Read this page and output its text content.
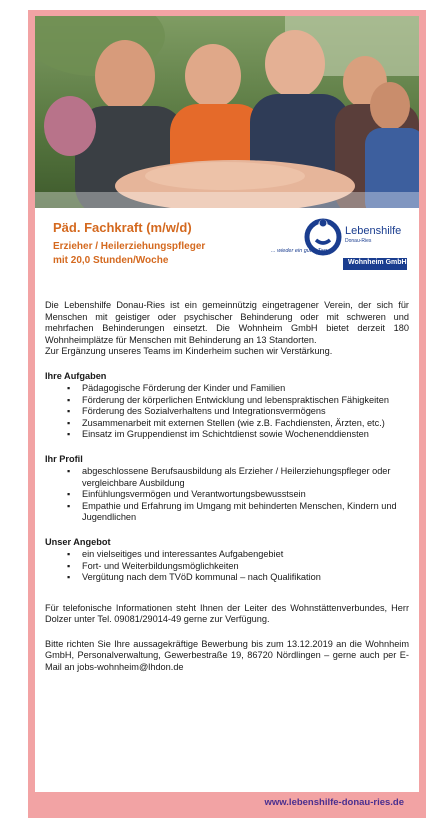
Päd. Fachkraft (m/w/d)
Erzieher / Heilerziehungspfleger
mit 20,0 Stunden/Woche
Lebenshilfe
Donau-Ries
... wieder ein guter Tag
Wohnheim GmbH

Die Lebenshilfe Donau-Ries ist ein gemeinnützig eingetragener Verein, der sich für Menschen mit geistiger oder psychischer Behinderung oder mit schweren und mehrfachen Behinderungen einsetzt. Die Wohnheim GmbH bietet derzeit 180 Wohnheimplätze für Menschen mit Behinderung an 13 Standorten.

Zur Ergänzung unseres Teams im Kinderheim suchen wir Verstärkung.

Ihre Aufgaben
▪ Pädagogische Förderung der Kinder und Familien
▪ Förderung der körperlichen Entwicklung und lebenspraktischen Fähigkeiten
▪ Förderung des Sozialverhaltens und Integrationsvermögens
▪ Zusammenarbeit mit externen Stellen (wie z.B. Fachdiensten, Ärzten, etc.)
▪ Einsatz im Gruppendienst im Schichtdienst sowie Wochenenddiensten
Ihr Profil
▪ abgeschlossene Berufsausbildung als Erzieher / Heilerziehungspfleger oder vergleichbare Ausbildung
▪ Einfühlungsvermögen und Verantwortungsbewusstsein
▪ Empathie und Erfahrung im Umgang mit behinderten Menschen, Kindern und Jugendlichen
Unser Angebot
▪ ein vielseitiges und interessantes Aufgabengebiet
▪ Fort- und Weiterbildungsmöglichkeiten
▪ Vergütung nach dem TVöD kommunal – nach Qualifikation

Für telefonische Informationen steht Ihnen der Leiter des Wohnstättenverbundes, Herr Dolzer unter Tel. 09081/29014-49 gerne zur Verfügung.

Bitte richten Sie Ihre aussagekräftige Bewerbung bis zum 13.12.2019 an die Wohnheim GmbH, Personalverwaltung, Gewerbestraße 19, 86720 Nördlingen – gerne auch per E-Mail an jobs-wohnheim@lhdon.de

www.lebenshilfe-donau-ries.de
